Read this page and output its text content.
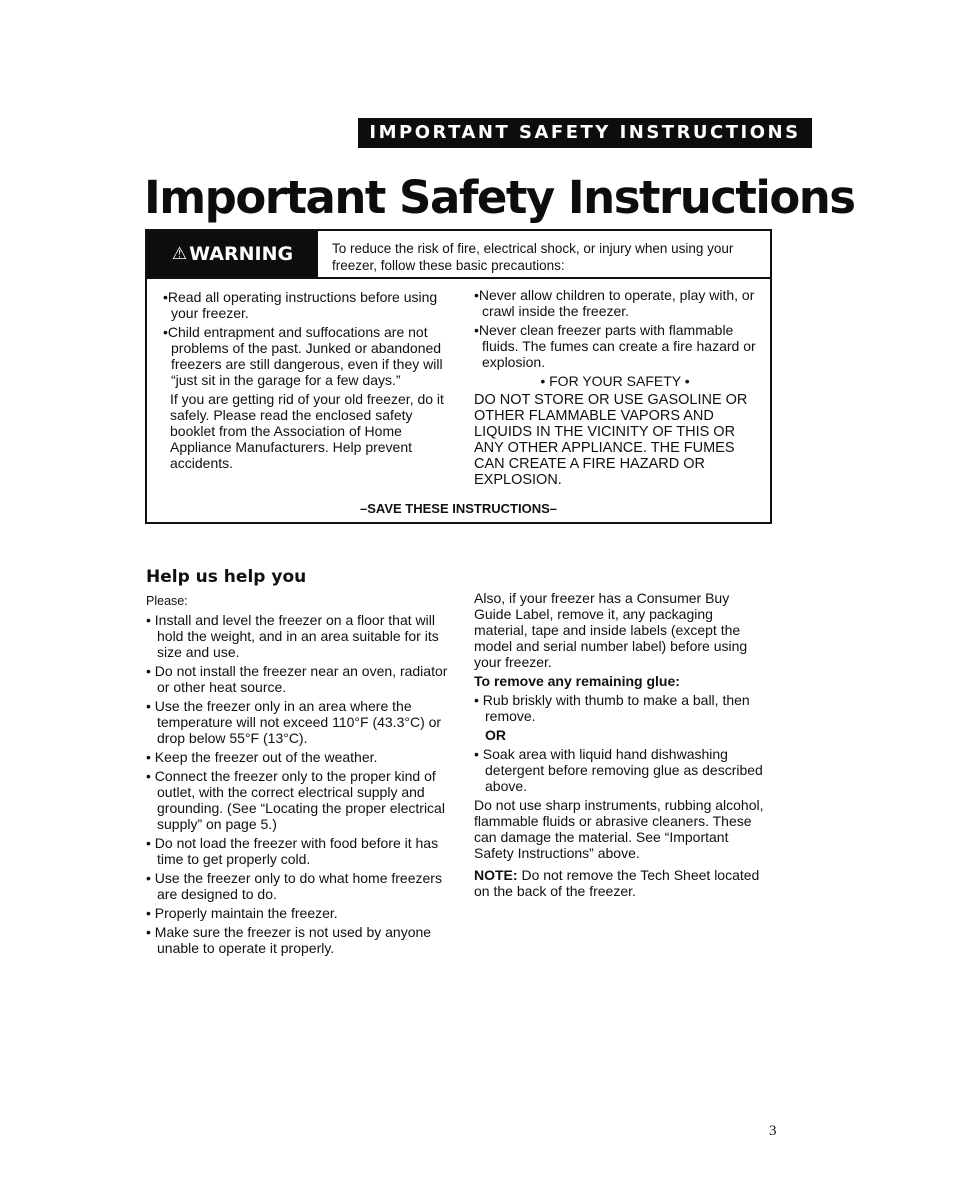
IMPORTANT SAFETY INSTRUCTIONS
Important Safety Instructions
⚠ WARNING	To reduce the risk of fire, electrical shock, or injury when using your freezer, follow these basic precautions:

•Read all operating instructions before using your freezer.

•Child entrapment and suffocations are not problems of the past. Junked or abandoned freezers are still dangerous, even if they will “just sit in the garage for a few days.”

If you are getting rid of your old freezer, do it safely. Please read the enclosed safety booklet from the Association of Home Appliance Manufacturers. Help prevent accidents.

•Never allow children to operate, play with, or crawl inside the freezer.

•Never clean freezer parts with flammable fluids. The fumes can create a fire hazard or explosion.

• FOR YOUR SAFETY •

DO NOT STORE OR USE GASOLINE OR OTHER FLAMMABLE VAPORS AND LIQUIDS IN THE VICINITY OF THIS OR ANY OTHER APPLIANCE. THE FUMES CAN CREATE A FIRE HAZARD OR EXPLOSION.

–SAVE THESE INSTRUCTIONS–
Help us help you

Please:

• Install and level the freezer on a floor that will hold the weight, and in an area suitable for its size and use.

• Do not install the freezer near an oven, radiator or other heat source.

• Use the freezer only in an area where the temperature will not exceed 110°F (43.3°C) or drop below 55°F (13°C).

• Keep the freezer out of the weather.

• Connect the freezer only to the proper kind of outlet, with the correct electrical supply and grounding. (See “Locating the proper electrical supply” on page 5.)

• Do not load the freezer with food before it has time to get properly cold.

• Use the freezer only to do what home freezers are designed to do.

• Properly maintain the freezer.

• Make sure the freezer is not used by anyone unable to operate it properly.

Also, if your freezer has a Consumer Buy Guide Label, remove it, any packaging material, tape and inside labels (except the model and serial number label) before using your freezer.

To remove any remaining glue:

• Rub briskly with thumb to make a ball, then remove.

OR

• Soak area with liquid hand dishwashing detergent before removing glue as described above.

Do not use sharp instruments, rubbing alcohol, flammable fluids or abrasive cleaners. These can damage the material. See “Important Safety Instructions” above.

NOTE: Do not remove the Tech Sheet located on the back of the freezer.

3
